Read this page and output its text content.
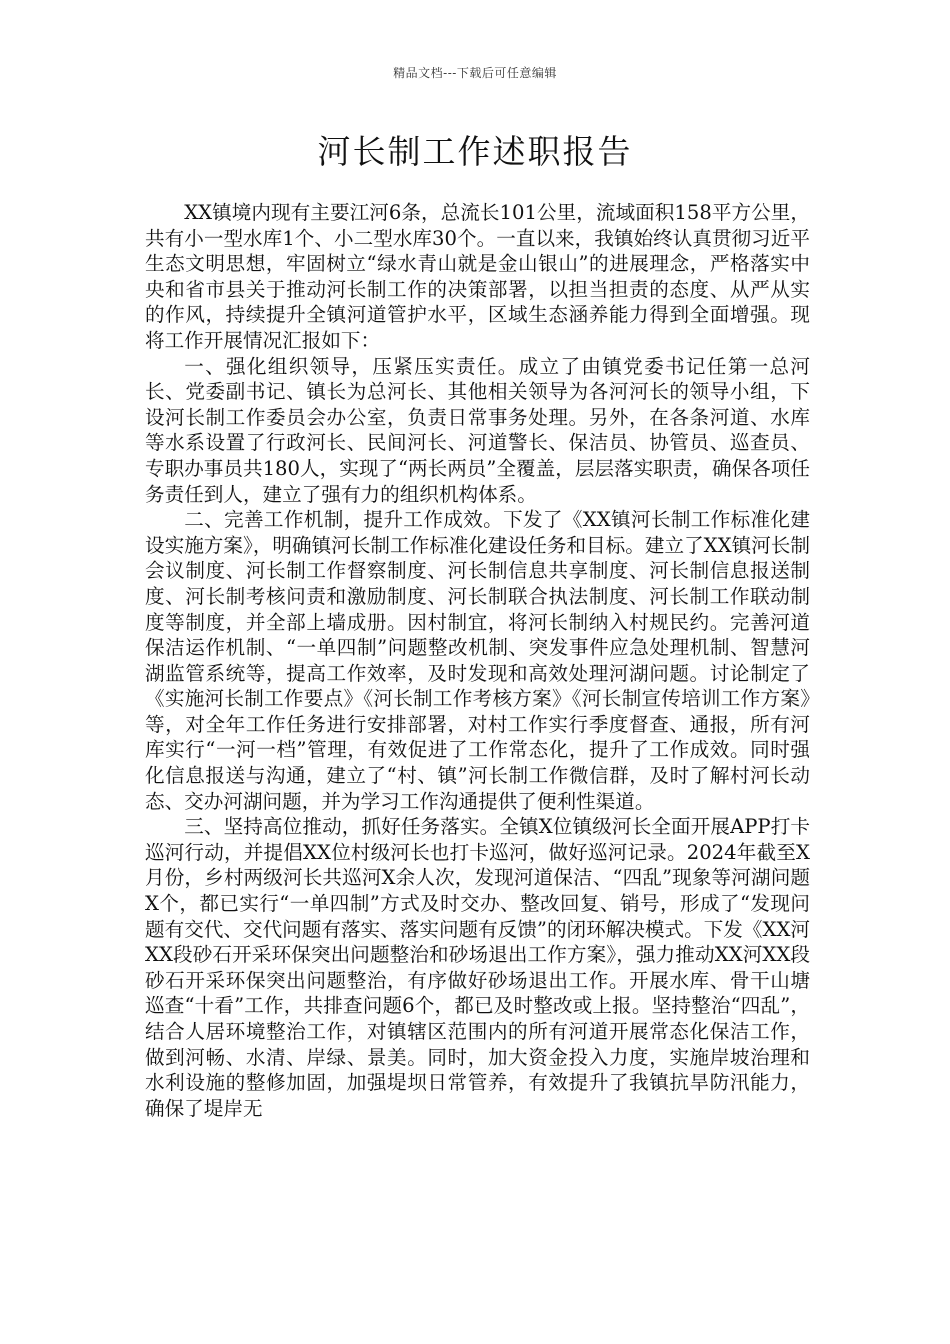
精品文档---下载后可任意编辑
河长制工作述职报告

XX镇境内现有主要江河6条，总流长101公里，流域面积158平方公里，共有小一型水库1个、小二型水库30个。一直以来，我镇始终认真贯彻习近平生态文明思想，牢固树立“绿水青山就是金山银山”的进展理念，严格落实中央和省市县关于推动河长制工作的决策部署，以担当担责的态度、从严从实的作风，持续提升全镇河道管护水平，区域生态涵养能力得到全面增强。现将工作开展情况汇报如下：

一、强化组织领导，压紧压实责任。成立了由镇党委书记任第一总河长、党委副书记、镇长为总河长、其他相关领导为各河河长的领导小组，下设河长制工作委员会办公室，负责日常事务处理。另外，在各条河道、水库等水系设置了行政河长、民间河长、河道警长、保洁员、协管员、巡查员、专职办事员共180人，实现了“两长两员”全覆盖，层层落实职责，确保各项任务责任到人，建立了强有力的组织机构体系。

二、完善工作机制，提升工作成效。下发了《XX镇河长制工作标准化建设实施方案》，明确镇河长制工作标准化建设任务和目标。建立了XX镇河长制会议制度、河长制工作督察制度、河长制信息共享制度、河长制信息报送制度、河长制考核问责和激励制度、河长制联合执法制度、河长制工作联动制度等制度，并全部上墙成册。因村制宜，将河长制纳入村规民约。完善河道保洁运作机制、“一单四制”问题整改机制、突发事件应急处理机制、智慧河湖监管系统等，提高工作效率，及时发现和高效处理河湖问题。讨论制定了《实施河长制工作要点》《河长制工作考核方案》《河长制宣传培训工作方案》等，对全年工作任务进行安排部署，对村工作实行季度督查、通报，所有河库实行“一河一档”管理，有效促进了工作常态化，提升了工作成效。同时强化信息报送与沟通，建立了“村、镇”河长制工作微信群，及时了解村河长动态、交办河湖问题，并为学习工作沟通提供了便利性渠道。

三、坚持高位推动，抓好任务落实。全镇X位镇级河长全面开展APP打卡巡河行动，并提倡XX位村级河长也打卡巡河，做好巡河记录。2024年截至X月份，乡村两级河长共巡河X余人次，发现河道保洁、“四乱”现象等河湖问题X个，都已实行“一单四制”方式及时交办、整改回复、销号，形成了“发现问题有交代、交代问题有落实、落实问题有反馈”的闭环解决模式。下发《XX河XX段砂石开采环保突出问题整治和砂场退出工作方案》，强力推动XX河XX段砂石开采环保突出问题整治，有序做好砂场退出工作。开展水库、骨干山塘巡查“十看”工作，共排查问题6个，都已及时整改或上报。坚持整治“四乱”，结合人居环境整治工作，对镇辖区范围内的所有河道开展常态化保洁工作，做到河畅、水清、岸绿、景美。同时，加大资金投入力度，实施岸坡治理和水利设施的整修加固，加强堤坝日常管养，有效提升了我镇抗旱防汛能力，确保了堤岸无
